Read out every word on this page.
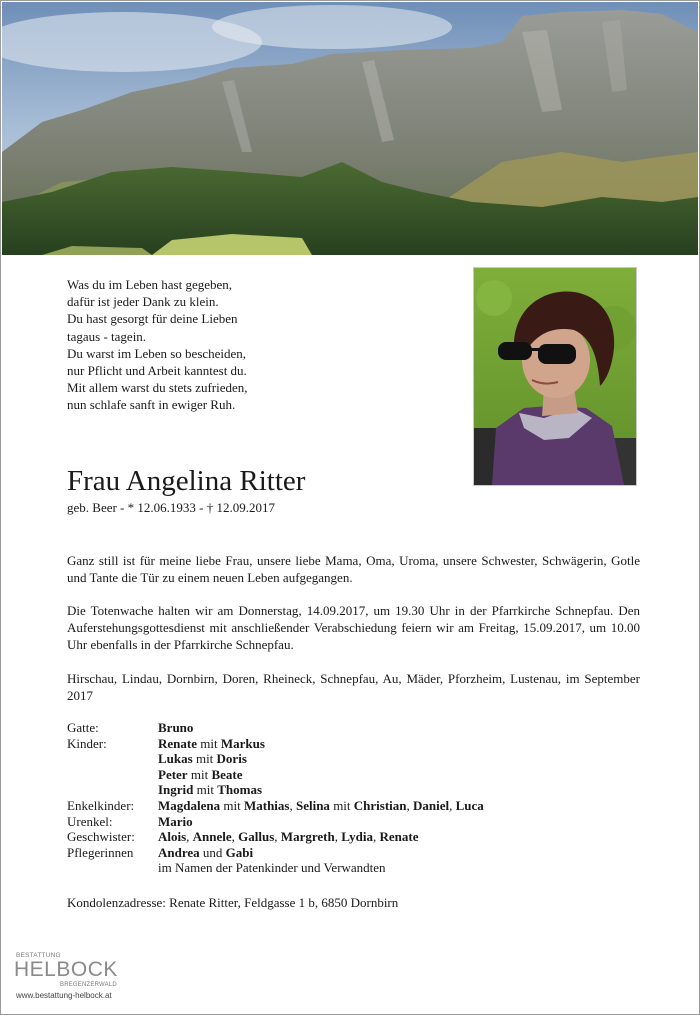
Was du im Leben hast gegeben,
dafür ist jeder Dank zu klein.
Du hast gesorgt für deine Lieben
tagaus - tagein.
Du warst im Leben so bescheiden,
nur Pflicht und Arbeit kanntest du.
Mit allem warst du stets zufrieden,
nun schlafe sanft in ewiger Ruh.
Frau Angelina Ritter
geb. Beer - * 12.06.1933 - † 12.09.2017
Ganz still ist für meine liebe Frau, unsere liebe Mama, Oma, Uroma, unsere Schwester, Schwägerin, Gotle und Tante die Tür zu einem neuen Leben aufgegangen.
Die Totenwache halten wir am Donnerstag, 14.09.2017, um 19.30 Uhr in der Pfarrkirche Schnepfau. Den Auferstehungsgottesdienst mit anschließender Verabschiedung feiern wir am Freitag, 15.09.2017, um 10.00 Uhr ebenfalls in der Pfarrkirche Schnepfau.
Hirschau, Lindau, Dornbirn, Doren, Rheineck, Schnepfau, Au, Mäder, Pforzheim, Lustenau, im September 2017
Gatte:	Bruno
Kinder:	Renate mit Markus
Lukas mit Doris
Peter mit Beate
Ingrid mit Thomas
Enkelkinder:	Magdalena mit Mathias, Selina mit Christian, Daniel, Luca
Urenkel:	Mario
Geschwister:	Alois, Annele, Gallus, Margreth, Lydia, Renate
Pflegerinnen	Andrea und Gabi
im Namen der Patenkinder und Verwandten
Kondolenzadresse: Renate Ritter, Feldgasse 1 b, 6850 Dornbirn
BESTATTUNG
HELBOCK
BREGENZERWALD
www.bestattung-helbock.at
